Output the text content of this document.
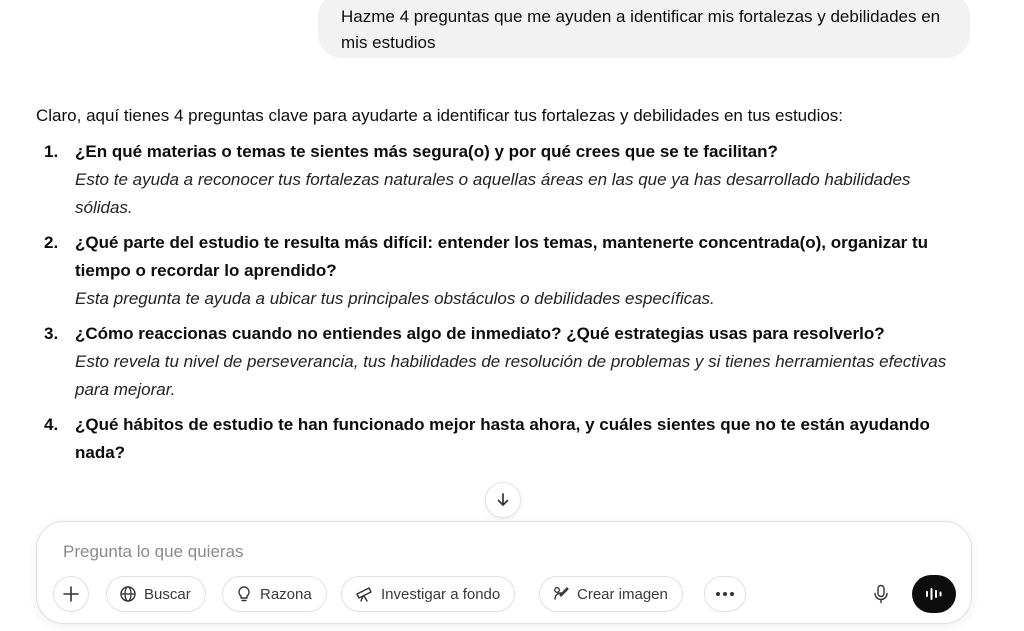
Hazme 4 preguntas que me ayuden a identificar mis fortalezas y debilidades en mis estudios

Claro, aquí tienes 4 preguntas clave para ayudarte a identificar tus fortalezas y debilidades en tus estudios:

1. ¿En qué materias o temas te sientes más segura(o) y por qué crees que se te facilitan?
Esto te ayuda a reconocer tus fortalezas naturales o aquellas áreas en las que ya has desarrollado habilidades sólidas.
2. ¿Qué parte del estudio te resulta más difícil: entender los temas, mantenerte concentrada(o), organizar tu tiempo o recordar lo aprendido?
Esta pregunta te ayuda a ubicar tus principales obstáculos o debilidades específicas.
3. ¿Cómo reaccionas cuando no entiendes algo de inmediato? ¿Qué estrategias usas para resolverlo?
Esto revela tu nivel de perseverancia, tus habilidades de resolución de problemas y si tienes herramientas efectivas para mejorar.
4. ¿Qué hábitos de estudio te han funcionado mejor hasta ahora, y cuáles sientes que no te están ayudando nada?
Pregunta lo que quieras
Buscar	Razona	Investigar a fondo	Crear imagen
